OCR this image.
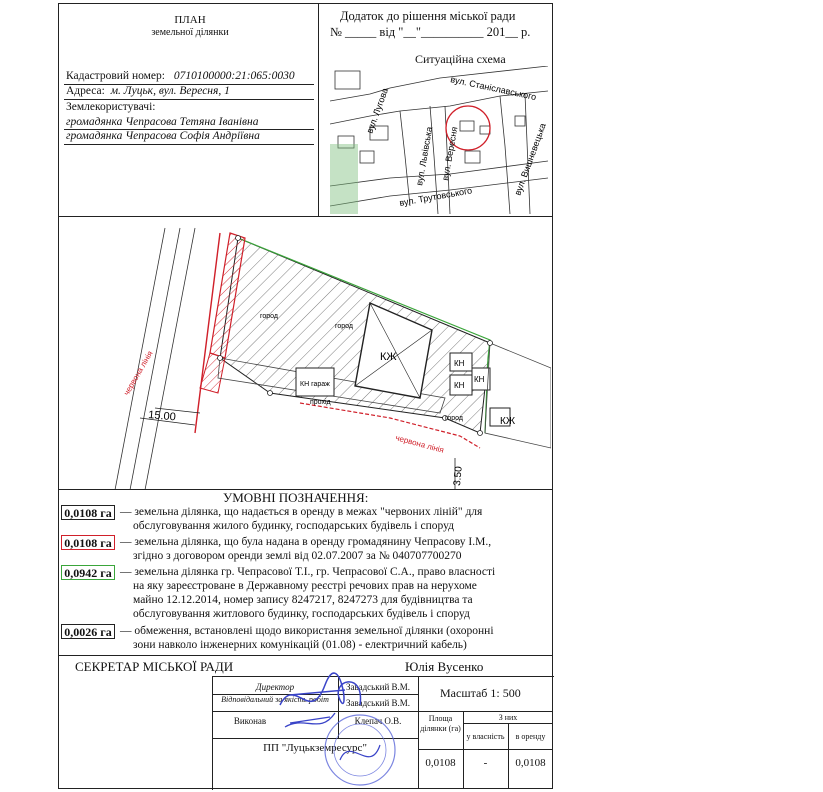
ПЛАН
земельної ділянки
Додаток до рішення міської ради
№ _____ від "__"__________ 201__ р.
Ситуаційна схема
Кадастровий номер: 0710100000:21:065:0030
Адреса: м. Луцьк, вул. Вересня, 1
Землекористувачі:
громадянка Чепрасова Тетяна Іванівна
громадянка Чепрасова Софія Андріївна
вул. Станіславського
вул. Львівська
вул. Лугова
вул. Вересня	вул. Вишневецька
вул. Трутовського
КЖ
КЖ
КН
КН
КН
КН гараж
город
город
город
прохід
червона лінія
червона лінія
15.00
3.50
УМОВНІ ПОЗНАЧЕННЯ:
0,0108 га — земельна ділянка, що надається в оренду в межах "червоних ліній" для
обслуговування жилого будинку, господарських будівель і споруд
0,0108 га — земельна ділянка, що була надана в оренду громадянину Чепрасову І.М.,
згідно з договором оренди землі від 02.07.2007 за № 040707700270
0,0942 га — земельна ділянка гр. Чепрасової Т.І., гр. Чепрасової С.А., право власності
на яку зареєстроване в Державному реєстрі речових прав на нерухоме
майно 12.12.2014, номер запису 8247217, 8247273 для будівництва та
обслуговування житлового будинку, господарських будівель і споруд
0,0026 га — обмеження, встановлені щодо використання земельної ділянки (охоронні
зони навколо інженерних комунікацій (01.08) - електричний кабель)
СЕКРЕТАР МІСЬКОЇ РАДИ	Юлія Вусенко
Директор	Завадський В.М.
Відповідальний за якість робіт	Завадський В.М.
Виконав	Клепач О.В.
ПП "Луцькземресурс"
Масштаб 1: 500
Площа ділянки (га)
З них
у власність	в оренду
0,0108	-	0,0108
